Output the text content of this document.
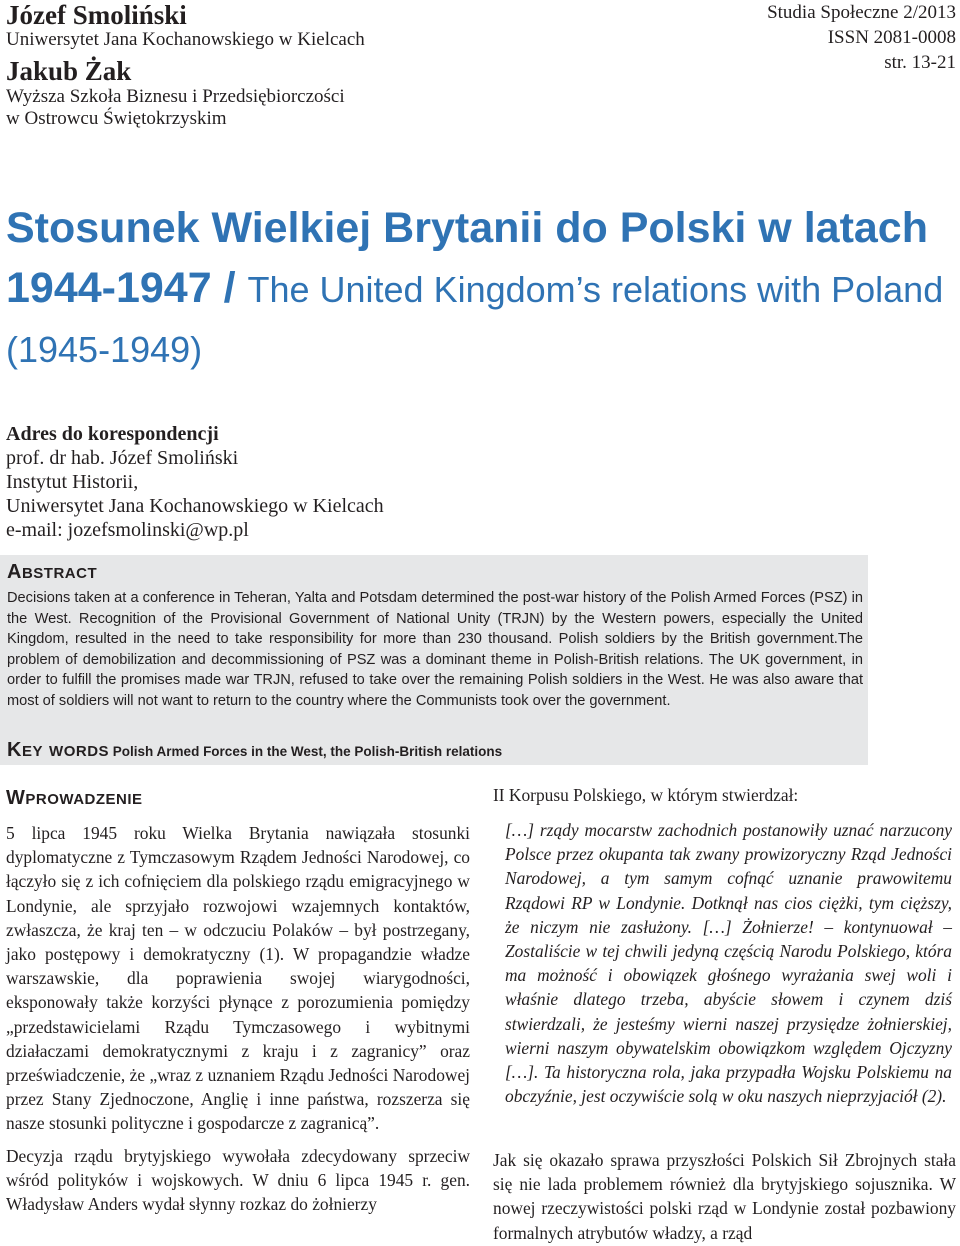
Józef Smoliński
Uniwersytet Jana Kochanowskiego w Kielcach
Jakub Żak
Wyższa Szkoła Biznesu i Przedsiębiorczości
w Ostrowcu Świętokrzyskim
Studia Społeczne 2/2013
ISSN 2081-0008
str. 13-21
Stosunek Wielkiej Brytanii do Polski w latach
1944-1947 / The United Kingdom’s relations with Poland
(1945-1949)
Adres do korespondencji
prof. dr hab. Józef Smoliński
Instytut Historii,
Uniwersytet Jana Kochanowskiego w Kielcach
e-mail: jozefsmolinski@wp.pl
ABSTRACT
Decisions taken at a conference in Teheran, Yalta and Potsdam determined the post-war history of the Polish Armed Forces (PSZ) in the West. Recognition of the Provisional Government of National Unity (TRJN) by the Western powers, especially the United Kingdom, resulted in the need to take responsibility for more than 230 thousand. Polish soldiers by the British government.The problem of demobilization and decommissioning of PSZ was a dominant theme in Polish-British relations. The UK government, in order to fulfill the promises made war TRJN, refused to take over the remaining Polish soldiers in the West. He was also aware that most of soldiers will not want to return to the country where the Communists took over the government.
KEY WORDS Polish Armed Forces in the West, the Polish-British relations
WPROWADZENIE

5 lipca 1945 roku Wielka Brytania nawiązała stosunki dyplomatyczne z Tymczasowym Rządem Jedności Narodowej, co łączyło się z ich cofnięciem dla polskiego rządu emigracyjnego w Londynie, ale sprzyjało rozwojowi wzajemnych kontaktów, zwłaszcza, że kraj ten – w odczuciu Polaków – był postrzegany, jako postępowy i demokratyczny (1). W propagandzie władze warszawskie, dla poprawienia swojej wiarygodności, eksponowały także korzyści płynące z porozumienia pomiędzy „przedstawicielami Rządu Tymczasowego i wybitnymi działaczami demokratycznymi z kraju i z zagranicy” oraz przeświadczenie, że „wraz z uznaniem Rządu Jedności Narodowej przez Stany Zjednoczone, Anglię i inne państwa, rozszerza się nasze stosunki polityczne i gospodarcze z zagranicą”.

Decyzja rządu brytyjskiego wywołała zdecydowany sprzeciw wśród polityków i wojskowych. W dniu 6 lipca 1945 r. gen. Władysław Anders wydał słynny rozkaz do żołnierzy

II Korpusu Polskiego, w którym stwierdzał:
[…] rządy mocarstw zachodnich postanowiły uznać narzucony Polsce przez okupanta tak zwany prowizoryczny Rząd Jedności Narodowej, a tym samym cofnąć uznanie prawowitemu Rządowi RP w Londynie. Dotknął nas cios ciężki, tym cięższy, że niczym nie zasłużony. […] Żołnierze! – kontynuował – Zostaliście w tej chwili jedyną częścią Narodu Polskiego, która ma możność i obowiązek głośnego wyrażania swej woli i właśnie dlatego trzeba, abyście słowem i czynem dziś stwierdzali, że jesteśmy wierni naszej przysiędze żołnierskiej, wierni naszym obywatelskim obowiązkom względem Ojczyzny […]. Ta historyczna rola, jaka przypadła Wojsku Polskiemu na obczyźnie, jest oczywiście solą w oku naszych nieprzyjaciół (2).
Jak się okazało sprawa przyszłości Polskich Sił Zbrojnych stała się nie lada problemem również dla brytyjskiego sojusznika. W nowej rzeczywistości polski rząd w Londynie został pozbawiony formalnych atrybutów władzy, a rząd
